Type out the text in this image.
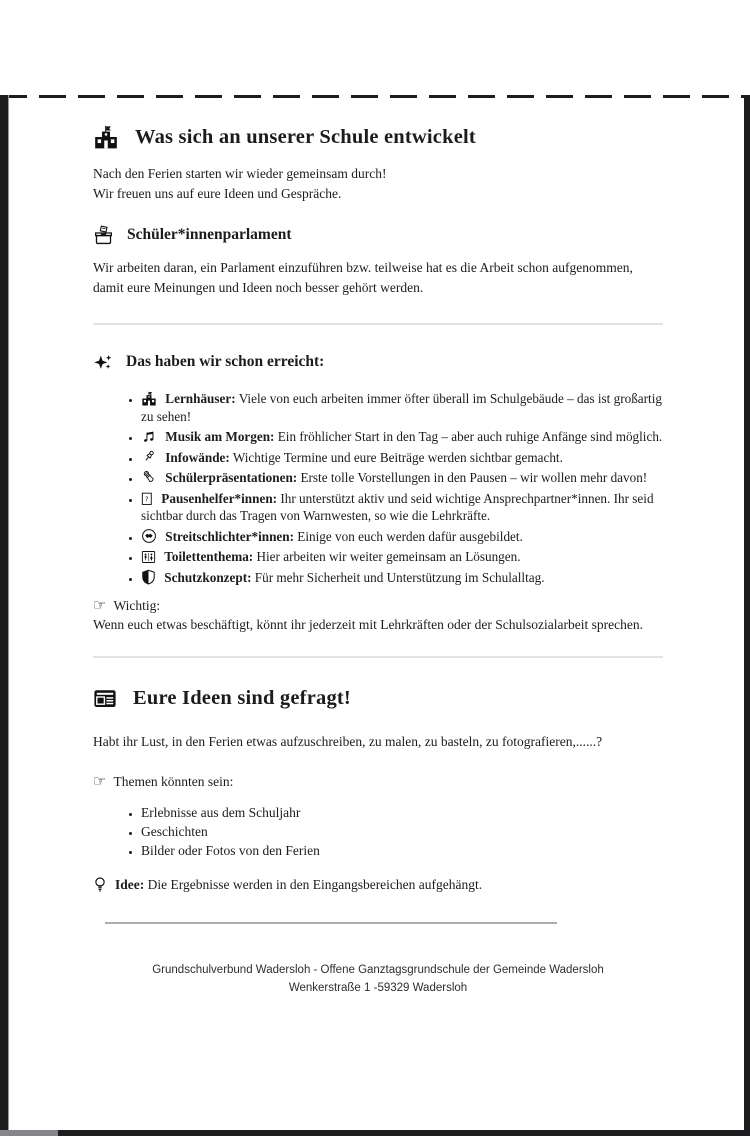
Was sich an unserer Schule entwickelt

Nach den Ferien starten wir wieder gemeinsam durch!
Wir freuen uns auf eure Ideen und Gespräche.

Schüler*innenparlament

Wir arbeiten daran, ein Parlament einzuführen bzw. teilweise hat es die Arbeit schon aufgenommen, damit eure Meinungen und Ideen noch besser gehört werden.

Das haben wir schon erreicht:
• Lernhäuser: Viele von euch arbeiten immer öfter überall im Schulgebäude – das ist großartig zu sehen!
• Musik am Morgen: Ein fröhlicher Start in den Tag – aber auch ruhige Anfänge sind möglich.
• Infowände: Wichtige Termine und eure Beiträge werden sichtbar gemacht.
• Schülerpräsentationen: Erste tolle Vorstellungen in den Pausen – wir wollen mehr davon!
• ? Pausenhelfer*innen: Ihr unterstützt aktiv und seid wichtige Ansprechpartner*innen. Ihr seid sichtbar durch das Tragen von Warnwesten, so wie die Lehrkräfte.
• Streitschlichter*innen: Einige von euch werden dafür ausgebildet.
• Toilettenthema: Hier arbeiten wir weiter gemeinsam an Lösungen.
• Schutzkonzept: Für mehr Sicherheit und Unterstützung im Schulalltag.
☞ Wichtig:
Wenn euch etwas beschäftigt, könnt ihr jederzeit mit Lehrkräften oder der Schulsozialarbeit sprechen.
Eure Ideen sind gefragt!

Habt ihr Lust, in den Ferien etwas aufzuschreiben, zu malen, zu basteln, zu fotografieren,......?

☞ Themen könnten sein:
• Erlebnisse aus dem Schuljahr
• Geschichten
• Bilder oder Fotos von den Ferien
Idee: Die Ergebnisse werden in den Eingangsbereichen aufgehängt.
Grundschulverbund Wadersloh - Offene Ganztagsgrundschule der Gemeinde Wadersloh
Wenkerstraße 1 -59329 Wadersloh
